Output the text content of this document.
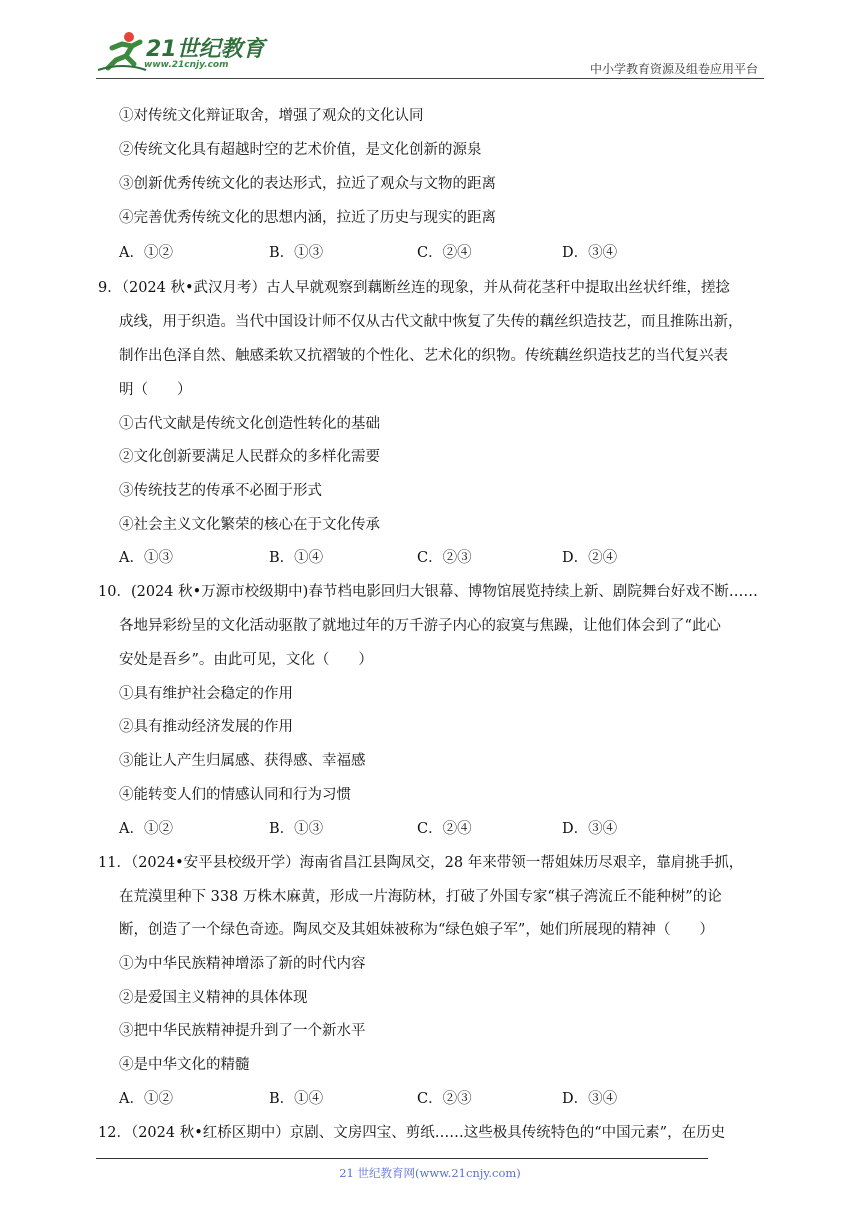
21世纪教育
www.21cnjy.com	中小学教育资源及组卷应用平台
①对传统文化辩证取舍，增强了观众的文化认同
②传统文化具有超越时空的艺术价值，是文化创新的源泉
③创新优秀传统文化的表达形式，拉近了观众与文物的距离
④完善优秀传统文化的思想内涵，拉近了历史与现实的距离
A．①②	B．①③	C．②④	D．③④
9．（2024 秋•武汉月考）古人早就观察到藕断丝连的现象，并从荷花茎秆中提取出丝状纤维，搓捻
成线，用于织造。当代中国设计师不仅从古代文献中恢复了失传的藕丝织造技艺，而且推陈出新，
制作出色泽自然、触感柔软又抗褶皱的个性化、艺术化的织物。传统藕丝织造技艺的当代复兴表
明（　　）
①古代文献是传统文化创造性转化的基础
②文化创新要满足人民群众的多样化需要
③传统技艺的传承不必囿于形式
④社会主义文化繁荣的核心在于文化传承
A．①③	B．①④	C．②③	D．②④
10．(2024 秋•万源市校级期中)春节档电影回归大银幕、博物馆展览持续上新、剧院舞台好戏不断……
各地异彩纷呈的文化活动驱散了就地过年的万千游子内心的寂寞与焦躁，让他们体会到了“此心
安处是吾乡”。由此可见，文化（　　）
①具有维护社会稳定的作用
②具有推动经济发展的作用
③能让人产生归属感、获得感、幸福感
④能转变人们的情感认同和行为习惯
A．①②	B．①③	C．②④	D．③④
11．（2024•安平县校级开学）海南省昌江县陶凤交，28 年来带领一帮姐妹历尽艰辛，靠肩挑手抓，
在荒漠里种下 338 万株木麻黄，形成一片海防林，打破了外国专家“棋子湾流丘不能种树”的论
断，创造了一个绿色奇迹。陶凤交及其姐妹被称为“绿色娘子军”，她们所展现的精神（　　）
①为中华民族精神增添了新的时代内容
②是爱国主义精神的具体体现
③把中华民族精神提升到了一个新水平
④是中华文化的精髓
A．①②	B．①④	C．②③	D．③④
12．（2024 秋•红桥区期中）京剧、文房四宝、剪纸……这些极具传统特色的“中国元素”，在历史
21 世纪教育网(www.21cnjy.com)
